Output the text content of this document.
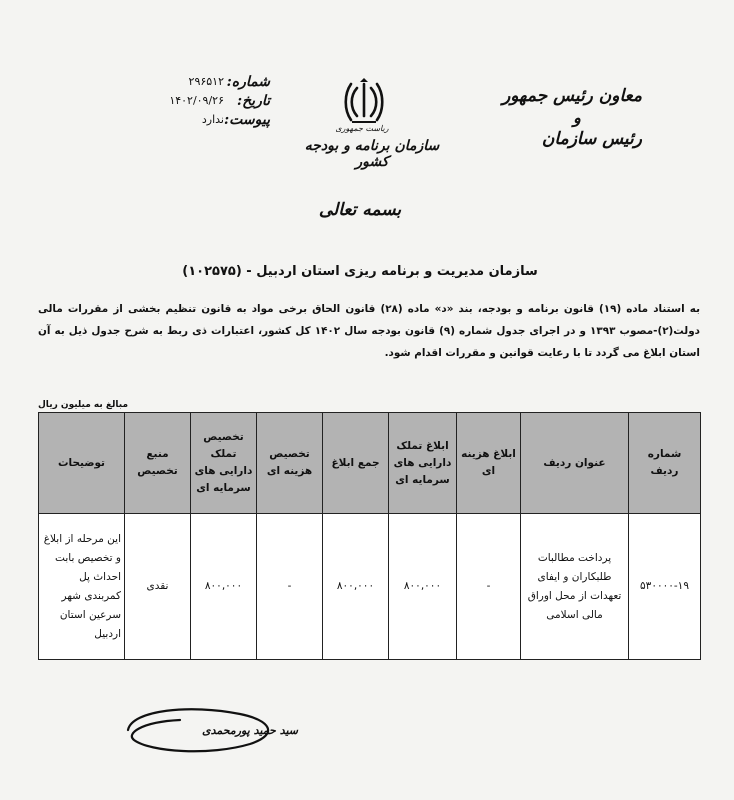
معاون رئیس جمهور
و
رئیس سازمان
ریاست جمهوری
سازمان برنامه و بودجه کشور
شماره:
۲۹۶۵۱۲
تاریخ:
۱۴۰۲/۰۹/۲۶
پیوست:
ندارد
بسمه تعالی
سازمان مدیریت و برنامه ریزی استان اردبیل - (۱۰۲۵۷۵)
به استناد ماده (۱۹) قانون برنامه و بودجه، بند «د» ماده (۲۸) قانون الحاق برخی مواد به قانون تنظیم بخشی از مقررات مالی دولت(۲)-مصوب ۱۳۹۳ و در اجرای جدول شماره (۹) قانون بودجه سال ۱۴۰۲ کل کشور، اعتبارات ذی ربط به شرح جدول ذیل به آن استان ابلاغ می گردد تا با رعایت قوانین و مقررات اقدام شود.
مبالغ به میلیون ریال
شماره ردیف	عنوان ردیف	ابلاغ هزینه ای	ابلاغ تملک دارایی های سرمایه ای	جمع ابلاغ	تخصیص هزینه ای	تخصیص تملک دارایی های سرمایه ای	منبع تخصیص	توضیحات
۵۳۰۰۰۰-۱۹	پرداخت مطالبات طلبکاران و ایفای تعهدات از محل اوراق مالی اسلامی	-	۸۰۰,۰۰۰	۸۰۰,۰۰۰	-	۸۰۰,۰۰۰	نقدی	این مرحله از ابلاغ و تخصیص بابت احداث پل کمربندی شهر سرعین استان اردبیل
سید حمید پورمحمدی
